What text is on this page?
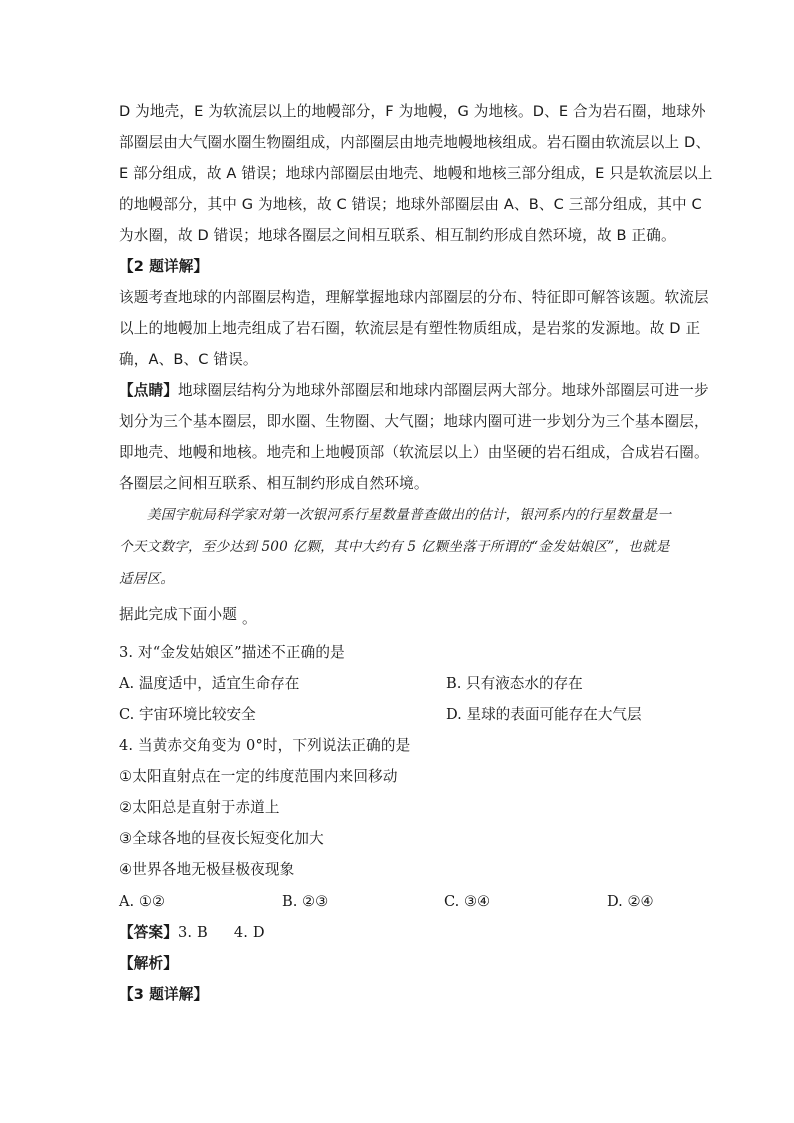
D 为地壳，E 为软流层以上的地幔部分，F 为地幔，G 为地核。D、E 合为岩石圈，地球外
部圈层由大气圈水圈生物圈组成，内部圈层由地壳地幔地核组成。岩石圈由软流层以上 D、
E 部分组成，故 A 错误；地球内部圈层由地壳、地幔和地核三部分组成，E 只是软流层以上
的地幔部分，其中 G 为地核，故 C 错误；地球外部圈层由 A、B、C 三部分组成，其中 C
为水圈，故 D 错误；地球各圈层之间相互联系、相互制约形成自然环境，故 B 正确。
【2 题详解】
该题考查地球的内部圈层构造，理解掌握地球内部圈层的分布、特征即可解答该题。软流层
以上的地幔加上地壳组成了岩石圈，软流层是有塑性物质组成，是岩浆的发源地。故 D 正
确，A、B、C 错误。
【点睛】地球圈层结构分为地球外部圈层和地球内部圈层两大部分。地球外部圈层可进一步
划分为三个基本圈层，即水圈、生物圈、大气圈；地球内圈可进一步划分为三个基本圈层，
即地壳、地幔和地核。地壳和上地幔顶部（软流层以上）由坚硬的岩石组成，合成岩石圈。
各圈层之间相互联系、相互制约形成自然环境。
美国宇航局科学家对第一次银河系行星数量普查做出的估计，银河系内的行星数量是一
个天文数字，至少达到 500 亿颗，其中大约有 5 亿颗坐落于所谓的“金发姑娘区”，也就是
适居区。
据此完成下面小题  。
3. 对“金发姑娘区”描述不正确的是
A. 温度适中，适宜生命存在	B. 只有液态水的存在
C. 宇宙环境比较安全	D. 星球的表面可能存在大气层
4. 当黄赤交角变为 0°时，下列说法正确的是
①太阳直射点在一定的纬度范围内来回移动
②太阳总是直射于赤道上
③全球各地的昼夜长短变化加大
④世界各地无极昼极夜现象
A. ①②	B. ②③	C. ③④	D. ②④
【答案】3. B 4. D
【解析】
【3 题详解】
